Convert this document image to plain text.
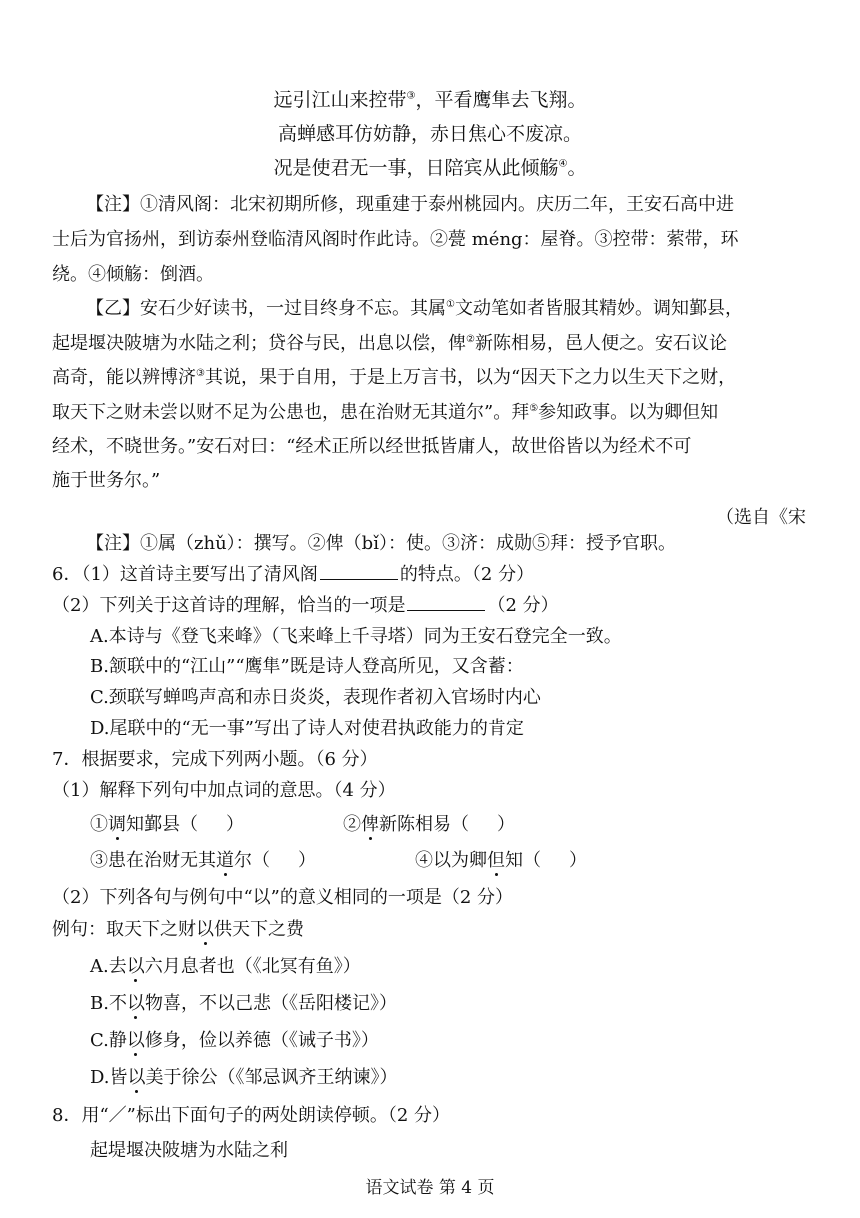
远引江山来控带③，平看鹰隼去飞翔。
高蝉感耳仿妨静，赤日焦心不废凉。
况是使君无一事，日陪宾从此倾觞④。
【注】①清风阁：北宋初期所修，现重建于泰州桃园内。庆历二年，王安石高中进
士后为官扬州，到访泰州登临清风阁时作此诗。②甍 méng：屋脊。③控带：萦带，环
绕。④倾觞：倒酒。
【乙】安石少好读书，一过目终身不忘。其属①文动笔如者皆服其精妙。调知鄞县，
起堤堰决陂塘为水陆之利；贷谷与民，出息以偿，俾②新陈相易，邑人便之。安石议论
高奇，能以辨博济③其说，果于自用，于是上万言书，以为“因天下之力以生天下之财，
取天下之财未尝以财不足为公患也，患在治财无其道尔”。拜⑤参知政事。以为卿但知
经术，不晓世务。”安石对曰：“经术正所以经世抵皆庸人，故世俗皆以为经术不可
施于世务尔。”
（选自《宋
【注】①属（zhǔ）：撰写。②俾（bǐ）：使。③济：成勋⑤拜：授予官职。
6．（1）这首诗主要写出了清风阁	的特点。（2 分）
（2）下列关于这首诗的理解，恰当的一项是	（2 分）
A.本诗与《登飞来峰》（飞来峰上千寻塔）同为王安石登完全一致。
B.颔联中的“江山”“鹰隼”既是诗人登高所见，又含蓄：
C.颈联写蝉鸣声高和赤日炎炎，表现作者初入官场时内心
D.尾联中的“无一事”写出了诗人对使君执政能力的肯定
7．根据要求，完成下列两小题。（6 分）
（1）解释下列句中加点词的意思。（4 分）
①调知鄞县（ ）	②俾新陈相易（ ）
③患在治财无其道尔（ ）	④以为卿但知（ ）
（2）下列各句与例句中“以”的意义相同的一项是（2 分）
例句：取天下之财以供天下之费
A.去以六月息者也（《北冥有鱼》）
B.不以物喜，不以己悲（《岳阳楼记》）
C.静以修身，俭以养德（《诫子书》）
D.皆以美于徐公（《邹忌讽齐王纳谏》）
8．用“／”标出下面句子的两处朗读停顿。（2 分）
起堤堰决陂塘为水陆之利
语文试卷 第 4 页
